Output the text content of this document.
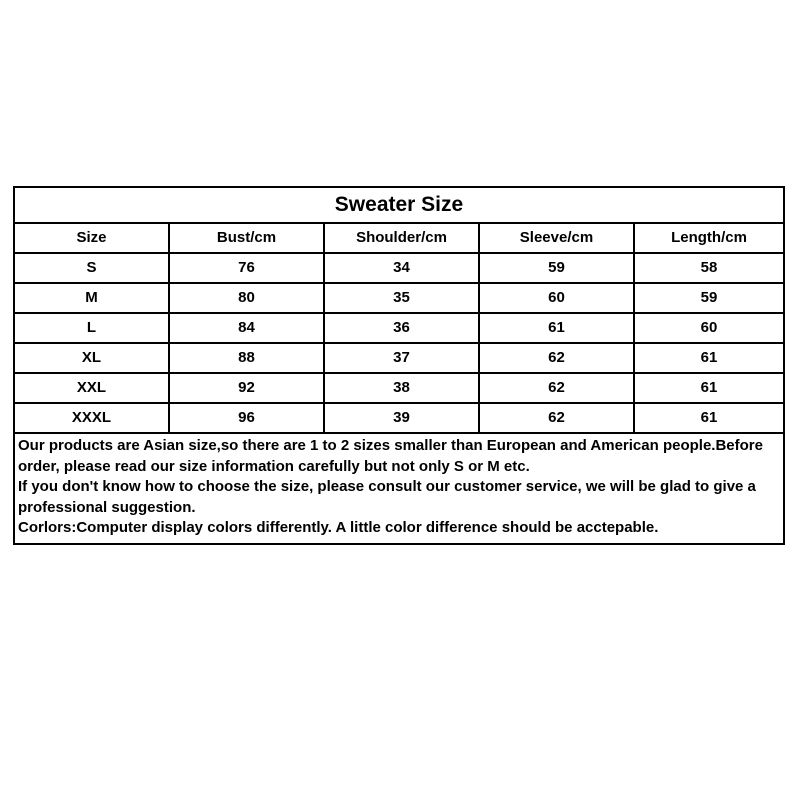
Sweater Size				
Size	Bust/cm	Shoulder/cm	Sleeve/cm	Length/cm
S	76	34	59	58
M	80	35	60	59
L	84	36	61	60
XL	88	37	62	61
XXL	92	38	62	61
XXXL	96	39	62	61

Our products are Asian size,so there are 1 to 2 sizes smaller than European and American people.Before order, please read our size information carefully but not only S or M etc.
If you don't know how to choose the size, please consult our customer service, we will be glad to give a professional suggestion.
Corlors:Computer display colors differently. A little color difference should be acctepable.				
